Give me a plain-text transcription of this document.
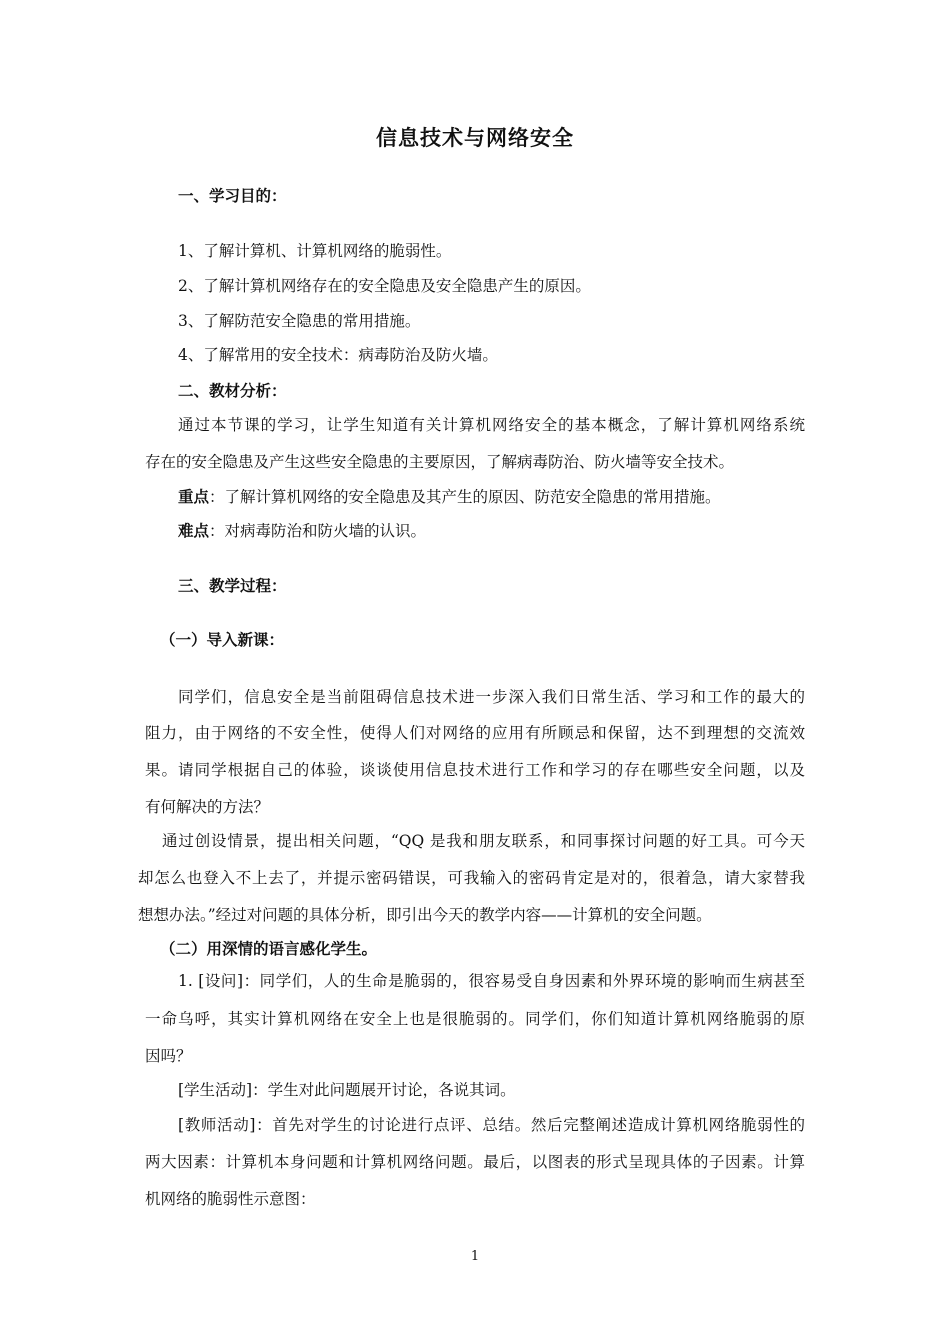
信息技术与网络安全
一、学习目的：
1、了解计算机、计算机网络的脆弱性。
2、了解计算机网络存在的安全隐患及安全隐患产生的原因。
3、了解防范安全隐患的常用措施。
4、了解常用的安全技术：病毒防治及防火墙。
二、教材分析：
通过本节课的学习，让学生知道有关计算机网络安全的基本概念，了解计算机网络系统
存在的安全隐患及产生这些安全隐患的主要原因，了解病毒防治、防火墙等安全技术。
重点：了解计算机网络的安全隐患及其产生的原因、防范安全隐患的常用措施。
难点：对病毒防治和防火墙的认识。
三、教学过程：
（一）导入新课：
同学们，信息安全是当前阻碍信息技术进一步深入我们日常生活、学习和工作的最大的
阻力，由于网络的不安全性，使得人们对网络的应用有所顾忌和保留，达不到理想的交流效
果。请同学根据自己的体验，谈谈使用信息技术进行工作和学习的存在哪些安全问题，以及
有何解决的方法？
通过创设情景，提出相关问题，“QQ 是我和朋友联系，和同事探讨问题的好工具。可今天
却怎么也登入不上去了，并提示密码错误，可我输入的密码肯定是对的，很着急，请大家替我
想想办法。”经过对问题的具体分析，即引出今天的教学内容——计算机的安全问题。
（二）用深情的语言感化学生。
1. [设问]：同学们，人的生命是脆弱的，很容易受自身因素和外界环境的影响而生病甚至
一命乌呼，其实计算机网络在安全上也是很脆弱的。同学们，你们知道计算机网络脆弱的原
因吗？
[学生活动]：学生对此问题展开讨论，各说其词。
[教师活动]：首先对学生的讨论进行点评、总结。然后完整阐述造成计算机网络脆弱性的
两大因素：计算机本身问题和计算机网络问题。最后，以图表的形式呈现具体的子因素。计算
机网络的脆弱性示意图：
1
